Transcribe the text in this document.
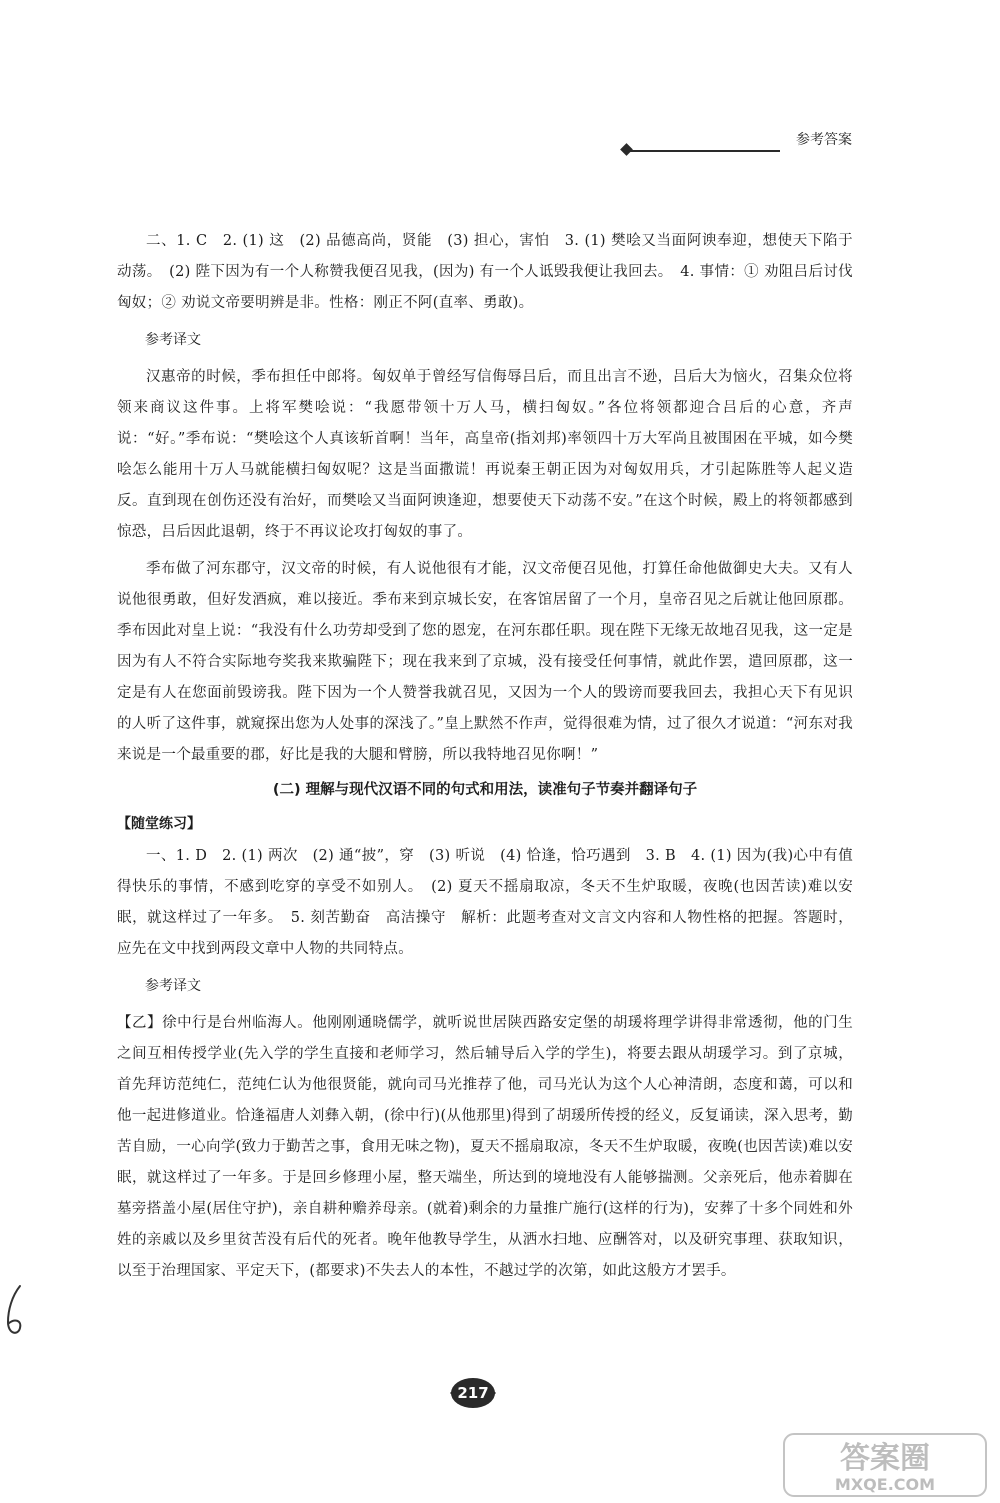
参考答案

二、1. C　2. (1) 这　(2) 品德高尚，贤能　(3) 担心，害怕　3. (1) 樊哙又当面阿谀奉迎，想使天下陷于动荡。　(2) 陛下因为有一个人称赞我便召见我，(因为) 有一个人诋毁我便让我回去。　4. 事情：① 劝阻吕后讨伐匈奴；② 劝说文帝要明辨是非。性格：刚正不阿(直率、勇敢)。

参考译文

汉惠帝的时候，季布担任中郎将。匈奴单于曾经写信侮辱吕后，而且出言不逊，吕后大为恼火，召集众位将领来商议这件事。上将军樊哙说：“我愿带领十万人马，横扫匈奴。”各位将领都迎合吕后的心意，齐声说：“好。”季布说：“樊哙这个人真该斩首啊！当年，高皇帝(指刘邦)率领四十万大军尚且被围困在平城，如今樊哙怎么能用十万人马就能横扫匈奴呢？这是当面撒谎！再说秦王朝正因为对匈奴用兵，才引起陈胜等人起义造反。直到现在创伤还没有治好，而樊哙又当面阿谀逢迎，想要使天下动荡不安。”在这个时候，殿上的将领都感到惊恐，吕后因此退朝，终于不再议论攻打匈奴的事了。

季布做了河东郡守，汉文帝的时候，有人说他很有才能，汉文帝便召见他，打算任命他做御史大夫。又有人说他很勇敢，但好发酒疯，难以接近。季布来到京城长安，在客馆居留了一个月，皇帝召见之后就让他回原郡。季布因此对皇上说：“我没有什么功劳却受到了您的恩宠，在河东郡任职。现在陛下无缘无故地召见我，这一定是因为有人不符合实际地夸奖我来欺骗陛下；现在我来到了京城，没有接受任何事情，就此作罢，遣回原郡，这一定是有人在您面前毁谤我。陛下因为一个人赞誉我就召见，又因为一个人的毁谤而要我回去，我担心天下有见识的人听了这件事，就窥探出您为人处事的深浅了。”皇上默然不作声，觉得很难为情，过了很久才说道：“河东对我来说是一个最重要的郡，好比是我的大腿和臂膀，所以我特地召见你啊！”

(二) 理解与现代汉语不同的句式和用法，读准句子节奏并翻译句子
【随堂练习】

一、1. D　2. (1) 两次　(2) 通“披”，穿　(3) 听说　(4) 恰逢，恰巧遇到　3. B　4. (1) 因为(我)心中有值得快乐的事情，不感到吃穿的享受不如别人。　(2) 夏天不摇扇取凉，冬天不生炉取暖，夜晚(也因苦读)难以安眠，就这样过了一年多。　5. 刻苦勤奋　高洁操守　解析：此题考查对文言文内容和人物性格的把握。答题时，应先在文中找到两段文章中人物的共同特点。

参考译文

【乙】徐中行是台州临海人。他刚刚通晓儒学，就听说世居陕西路安定堡的胡瑗将理学讲得非常透彻，他的门生之间互相传授学业(先入学的学生直接和老师学习，然后辅导后入学的学生)，将要去跟从胡瑗学习。到了京城，首先拜访范纯仁，范纯仁认为他很贤能，就向司马光推荐了他，司马光认为这个人心神清朗，态度和蔼，可以和他一起进修道业。恰逢福唐人刘彝入朝，(徐中行)(从他那里)得到了胡瑗所传授的经义，反复诵读，深入思考，勤苦自励，一心向学(致力于勤苦之事，食用无味之物)，夏天不摇扇取凉，冬天不生炉取暖，夜晚(也因苦读)难以安眠，就这样过了一年多。于是回乡修理小屋，整天端坐，所达到的境地没有人能够揣测。父亲死后，他赤着脚在墓旁搭盖小屋(居住守护)，亲自耕种赡养母亲。(就着)剩余的力量推广施行(这样的行为)，安葬了十多个同姓和外姓的亲戚以及乡里贫苦没有后代的死者。晚年他教导学生，从洒水扫地、应酬答对，以及研究事理、获取知识，以至于治理国家、平定天下，(都要求)不失去人的本性，不越过学的次第，如此这般方才罢手。

217
答案圈
MXQE.COM
